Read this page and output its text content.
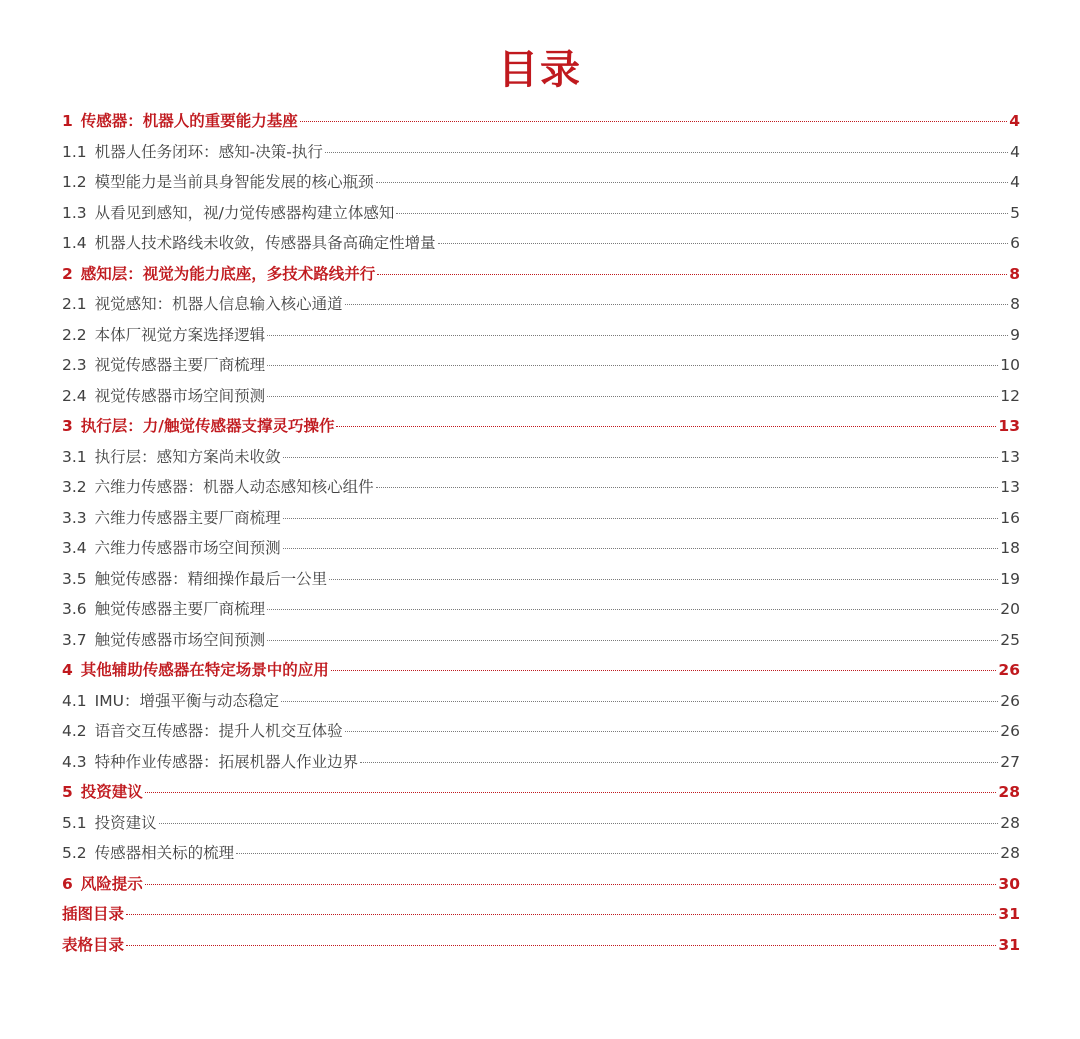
目录
1 传感器：机器人的重要能力基座	4
1.1 机器人任务闭环：感知-决策-执行	4
1.2 模型能力是当前具身智能发展的核心瓶颈	4
1.3 从看见到感知，视/力觉传感器构建立体感知	5
1.4 机器人技术路线未收敛，传感器具备高确定性增量	6
2 感知层：视觉为能力底座，多技术路线并行	8
2.1 视觉感知：机器人信息输入核心通道	8
2.2 本体厂视觉方案选择逻辑	9
2.3 视觉传感器主要厂商梳理	10
2.4 视觉传感器市场空间预测	12
3 执行层：力/触觉传感器支撑灵巧操作	13
3.1 执行层：感知方案尚未收敛	13
3.2 六维力传感器：机器人动态感知核心组件	13
3.3 六维力传感器主要厂商梳理	16
3.4 六维力传感器市场空间预测	18
3.5 触觉传感器：精细操作最后一公里	19
3.6 触觉传感器主要厂商梳理	20
3.7 触觉传感器市场空间预测	25
4 其他辅助传感器在特定场景中的应用	26
4.1 IMU：增强平衡与动态稳定	26
4.2 语音交互传感器：提升人机交互体验	26
4.3 特种作业传感器：拓展机器人作业边界	27
5 投资建议	28
5.1 投资建议	28
5.2 传感器相关标的梳理	28
6 风险提示	30
插图目录	31
表格目录	31
